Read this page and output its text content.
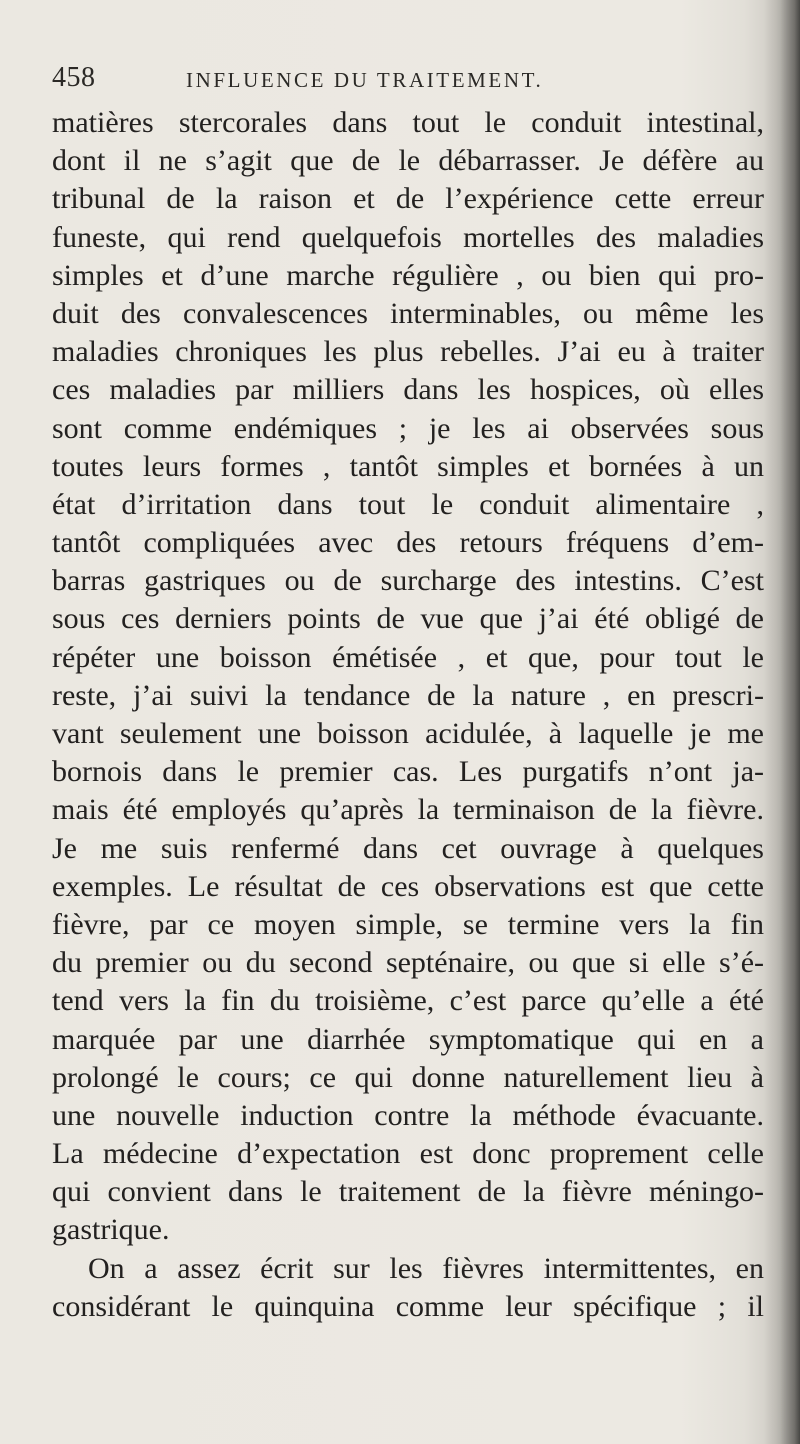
458	INFLUENCE DU TRAITEMENT.
matières stercorales dans tout le conduit intestinal,
dont il ne s’agit que de le débarrasser. Je défère au
tribunal de la raison et de l’expérience cette erreur
funeste, qui rend quelquefois mortelles des maladies
simples et d’une marche régulière , ou bien qui pro-
duit des convalescences interminables, ou même les
maladies chroniques les plus rebelles. J’ai eu à traiter
ces maladies par milliers dans les hospices, où elles
sont comme endémiques ; je les ai observées sous
toutes leurs formes , tantôt simples et bornées à un
état d’irritation dans tout le conduit alimentaire ,
tantôt compliquées avec des retours fréquens d’em-
barras gastriques ou de surcharge des intestins. C’est
sous ces derniers points de vue que j’ai été obligé de
répéter une boisson émétisée , et que, pour tout le
reste, j’ai suivi la tendance de la nature , en prescri-
vant seulement une boisson acidulée, à laquelle je me
bornois dans le premier cas. Les purgatifs n’ont ja-
mais été employés qu’après la terminaison de la fièvre.
Je me suis renfermé dans cet ouvrage à quelques
exemples. Le résultat de ces observations est que cette
fièvre, par ce moyen simple, se termine vers la fin
du premier ou du second septénaire, ou que si elle s’é-
tend vers la fin du troisième, c’est parce qu’elle a été
marquée par une diarrhée symptomatique qui en a
prolongé le cours; ce qui donne naturellement lieu à
une nouvelle induction contre la méthode évacuante.
La médecine d’expectation est donc proprement celle
qui convient dans le traitement de la fièvre méningo-
gastrique.
On a assez écrit sur les fièvres intermittentes, en
considérant le quinquina comme leur spécifique ; il
